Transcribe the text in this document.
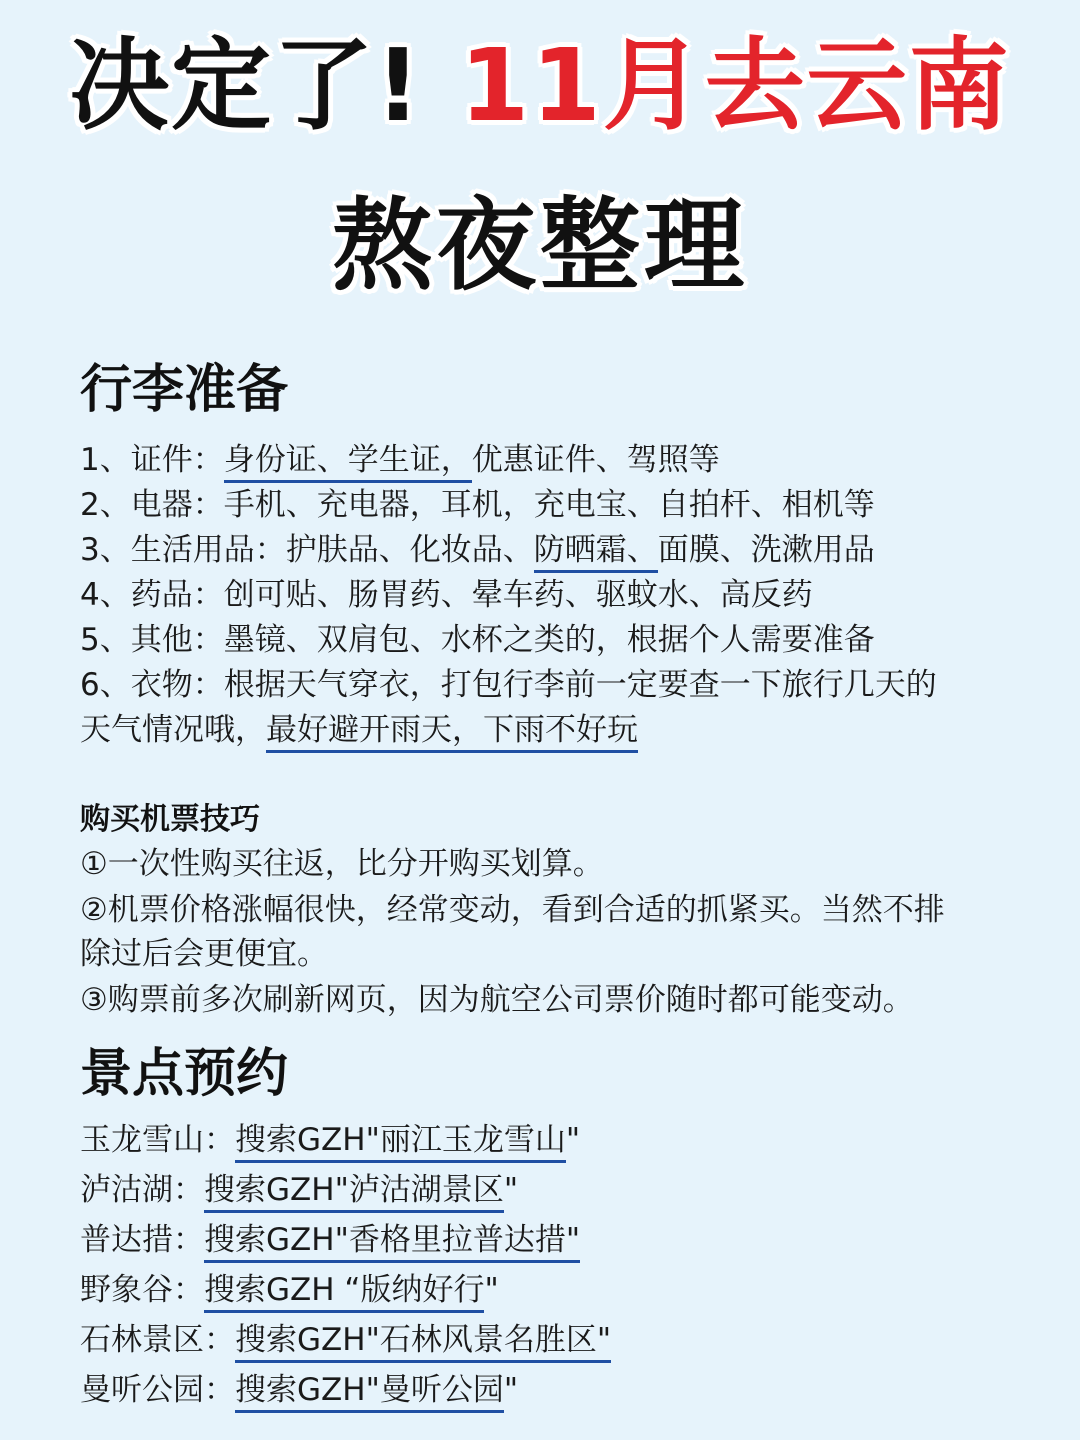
决定了! 11月去云南
熬夜整理
行李准备
1、证件：身份证、学生证，优惠证件、驾照等
2、电器：手机、充电器，耳机，充电宝、自拍杆、相机等
3、生活用品：护肤品、化妆品、防晒霜、面膜、洗漱用品
4、药品：创可贴、肠胃药、晕车药、驱蚊水、高反药
5、其他：墨镜、双肩包、水杯之类的，根据个人需要准备
6、衣物：根据天气穿衣，打包行李前一定要查一下旅行几天的
天气情况哦，最好避开雨天，下雨不好玩
购买机票技巧
①一次性购买往返，比分开购买划算。
②机票价格涨幅很快，经常变动，看到合适的抓紧买。当然不排
除过后会更便宜。
③购票前多次刷新网页，因为航空公司票价随时都可能变动。
景点预约
玉龙雪山：搜索GZH"丽江玉龙雪山"
泸沽湖：搜索GZH"泸沽湖景区"
普达措：搜索GZH"香格里拉普达措"
野象谷：搜索GZH “版纳好行"
石林景区：搜索GZH"石林风景名胜区"
曼听公园：搜索GZH"曼听公园"
